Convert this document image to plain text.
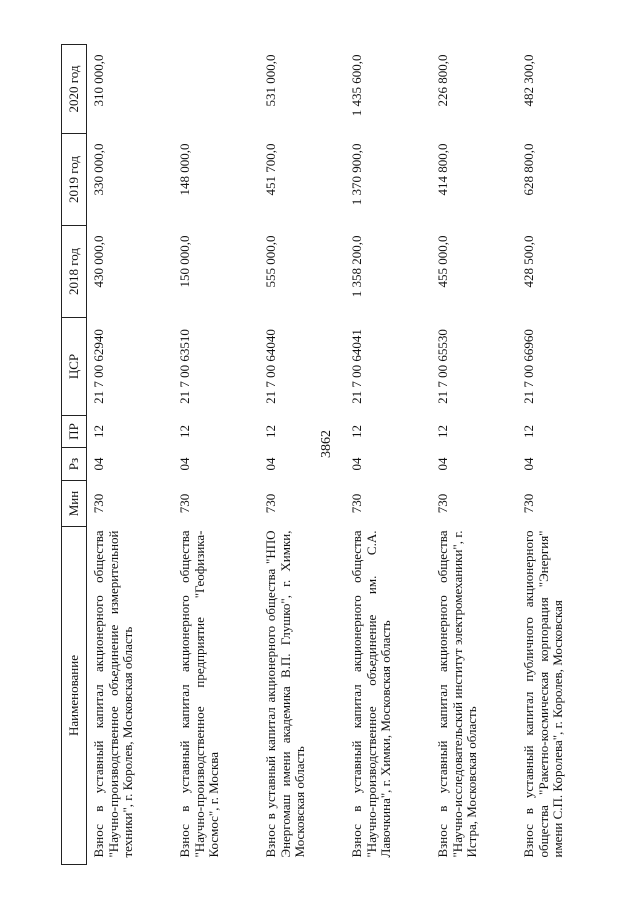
3862
Наименование	Мин	Рз	ПР	ЦСР	2018 год	2019 год	2020 год
Взнос в уставный капитал акционерного общества "Научно-производственное объединение измерительной техники", г. Королев, Московская область	730	04	12	21 7 00 62940	430 000,0	330 000,0	310 000,0
Взнос в уставный капитал акционерного общества "Научно-производственное предприятие "Геофизика-Космос", г. Москва	730	04	12	21 7 00 63510	150 000,0	148 000,0	
Взнос в уставный капитал акционерного общества "НПО Энергомаш имени академика В.П. Глушко", г. Химки, Московская область	730	04	12	21 7 00 64040	555 000,0	451 700,0	531 000,0
Взнос в уставный капитал акционерного общества "Научно-производственное объединение им. С.А. Лавочкина", г. Химки, Московская область	730	04	12	21 7 00 64041	1 358 200,0	1 370 900,0	1 435 600,0
Взнос в уставный капитал акционерного общества "Научно-исследовательский институт электромеханики", г. Истра, Московская область	730	04	12	21 7 00 65530	455 000,0	414 800,0	226 800,0
Взнос в уставный капитал публичного акционерного общества "Ракетно-космическая корпорация "Энергия" имени С.П. Королева", г. Королев, Московская	730	04	12	21 7 00 66960	428 500,0	628 800,0	482 300,0
